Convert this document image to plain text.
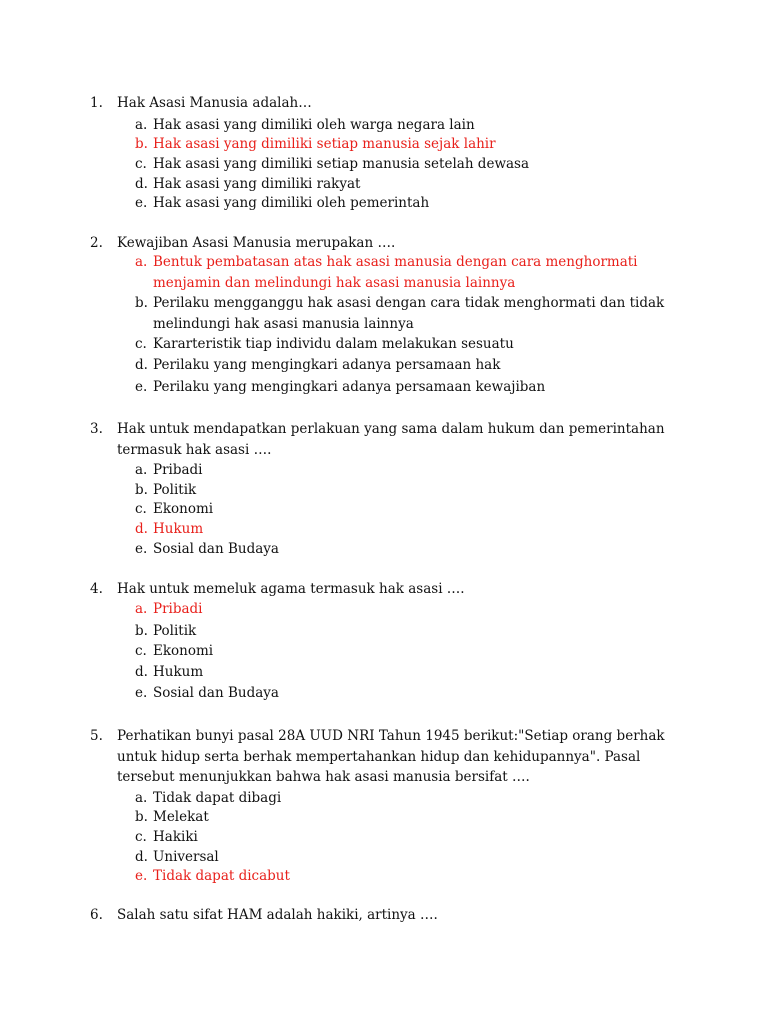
1. Hak Asasi Manusia adalah…
a. Hak asasi yang dimiliki oleh warga negara lain
b. Hak asasi yang dimiliki setiap manusia sejak lahir
c. Hak asasi yang dimiliki setiap manusia setelah dewasa
d. Hak asasi yang dimiliki rakyat
e. Hak asasi yang dimiliki oleh pemerintah
2. Kewajiban Asasi Manusia merupakan ….
a. Bentuk pembatasan atas hak asasi manusia dengan cara menghormati menjamin dan melindungi hak asasi manusia lainnya
b. Perilaku mengganggu hak asasi dengan cara tidak menghormati dan tidak melindungi hak asasi manusia lainnya
c. Kararteristik tiap individu dalam melakukan sesuatu
d. Perilaku yang mengingkari adanya persamaan hak
e. Perilaku yang mengingkari adanya persamaan kewajiban
3. Hak untuk mendapatkan perlakuan yang sama dalam hukum dan pemerintahan termasuk hak asasi ….
a. Pribadi
b. Politik
c. Ekonomi
d. Hukum
e. Sosial dan Budaya
4. Hak untuk memeluk agama termasuk hak asasi ….
a. Pribadi
b. Politik
c. Ekonomi
d. Hukum
e. Sosial dan Budaya
5. Perhatikan bunyi pasal 28A UUD NRI Tahun 1945 berikut:"Setiap orang berhak untuk hidup serta berhak mempertahankan hidup dan kehidupannya". Pasal tersebut menunjukkan bahwa hak asasi manusia bersifat ….
a. Tidak dapat dibagi
b. Melekat
c. Hakiki
d. Universal
e. Tidak dapat dicabut
6. Salah satu sifat HAM adalah hakiki, artinya ….
